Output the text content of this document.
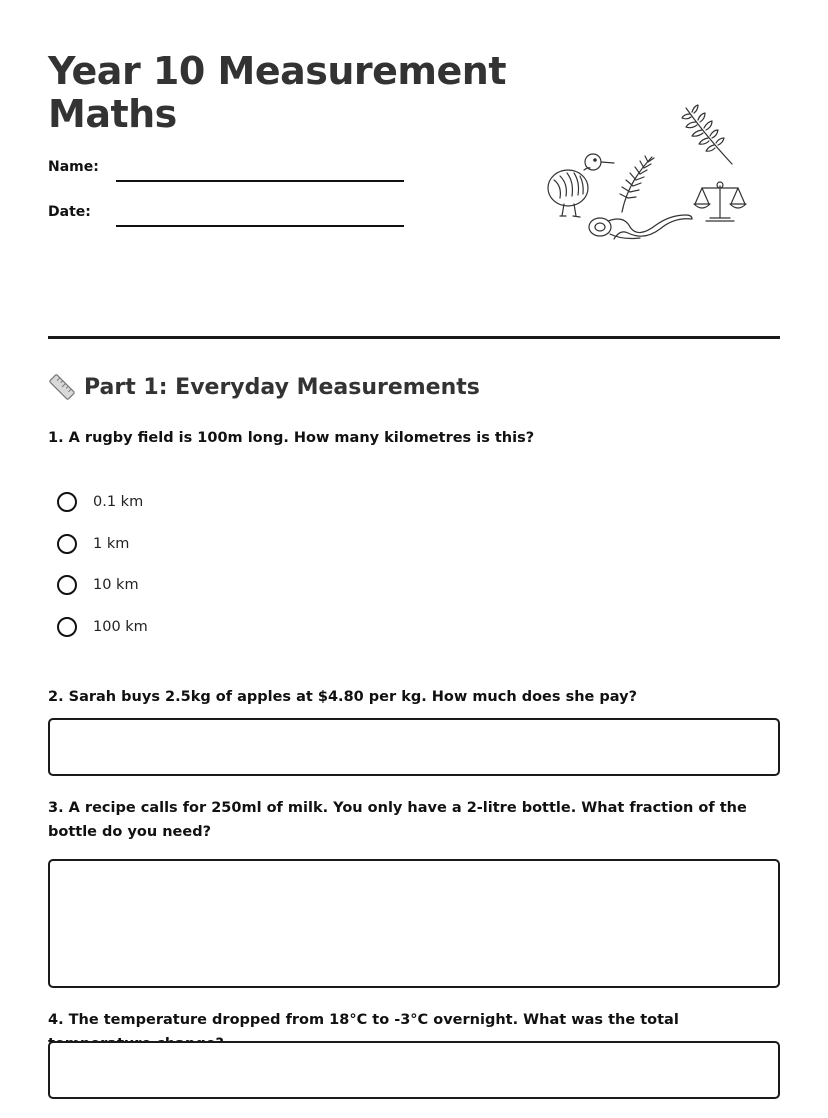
Year 10 Measurement
Maths
Name:
Date:
Part 1: Everyday Measurements

1. A rugby field is 100m long. How many kilometres is this?

0.1 km
1 km
10 km
100 km

2. Sarah buys 2.5kg of apples at $4.80 per kg. How much does she pay?

3. A recipe calls for 250ml of milk. You only have a 2-litre bottle. What fraction of the bottle do you need?

4. The temperature dropped from 18°C to -3°C overnight. What was the total
